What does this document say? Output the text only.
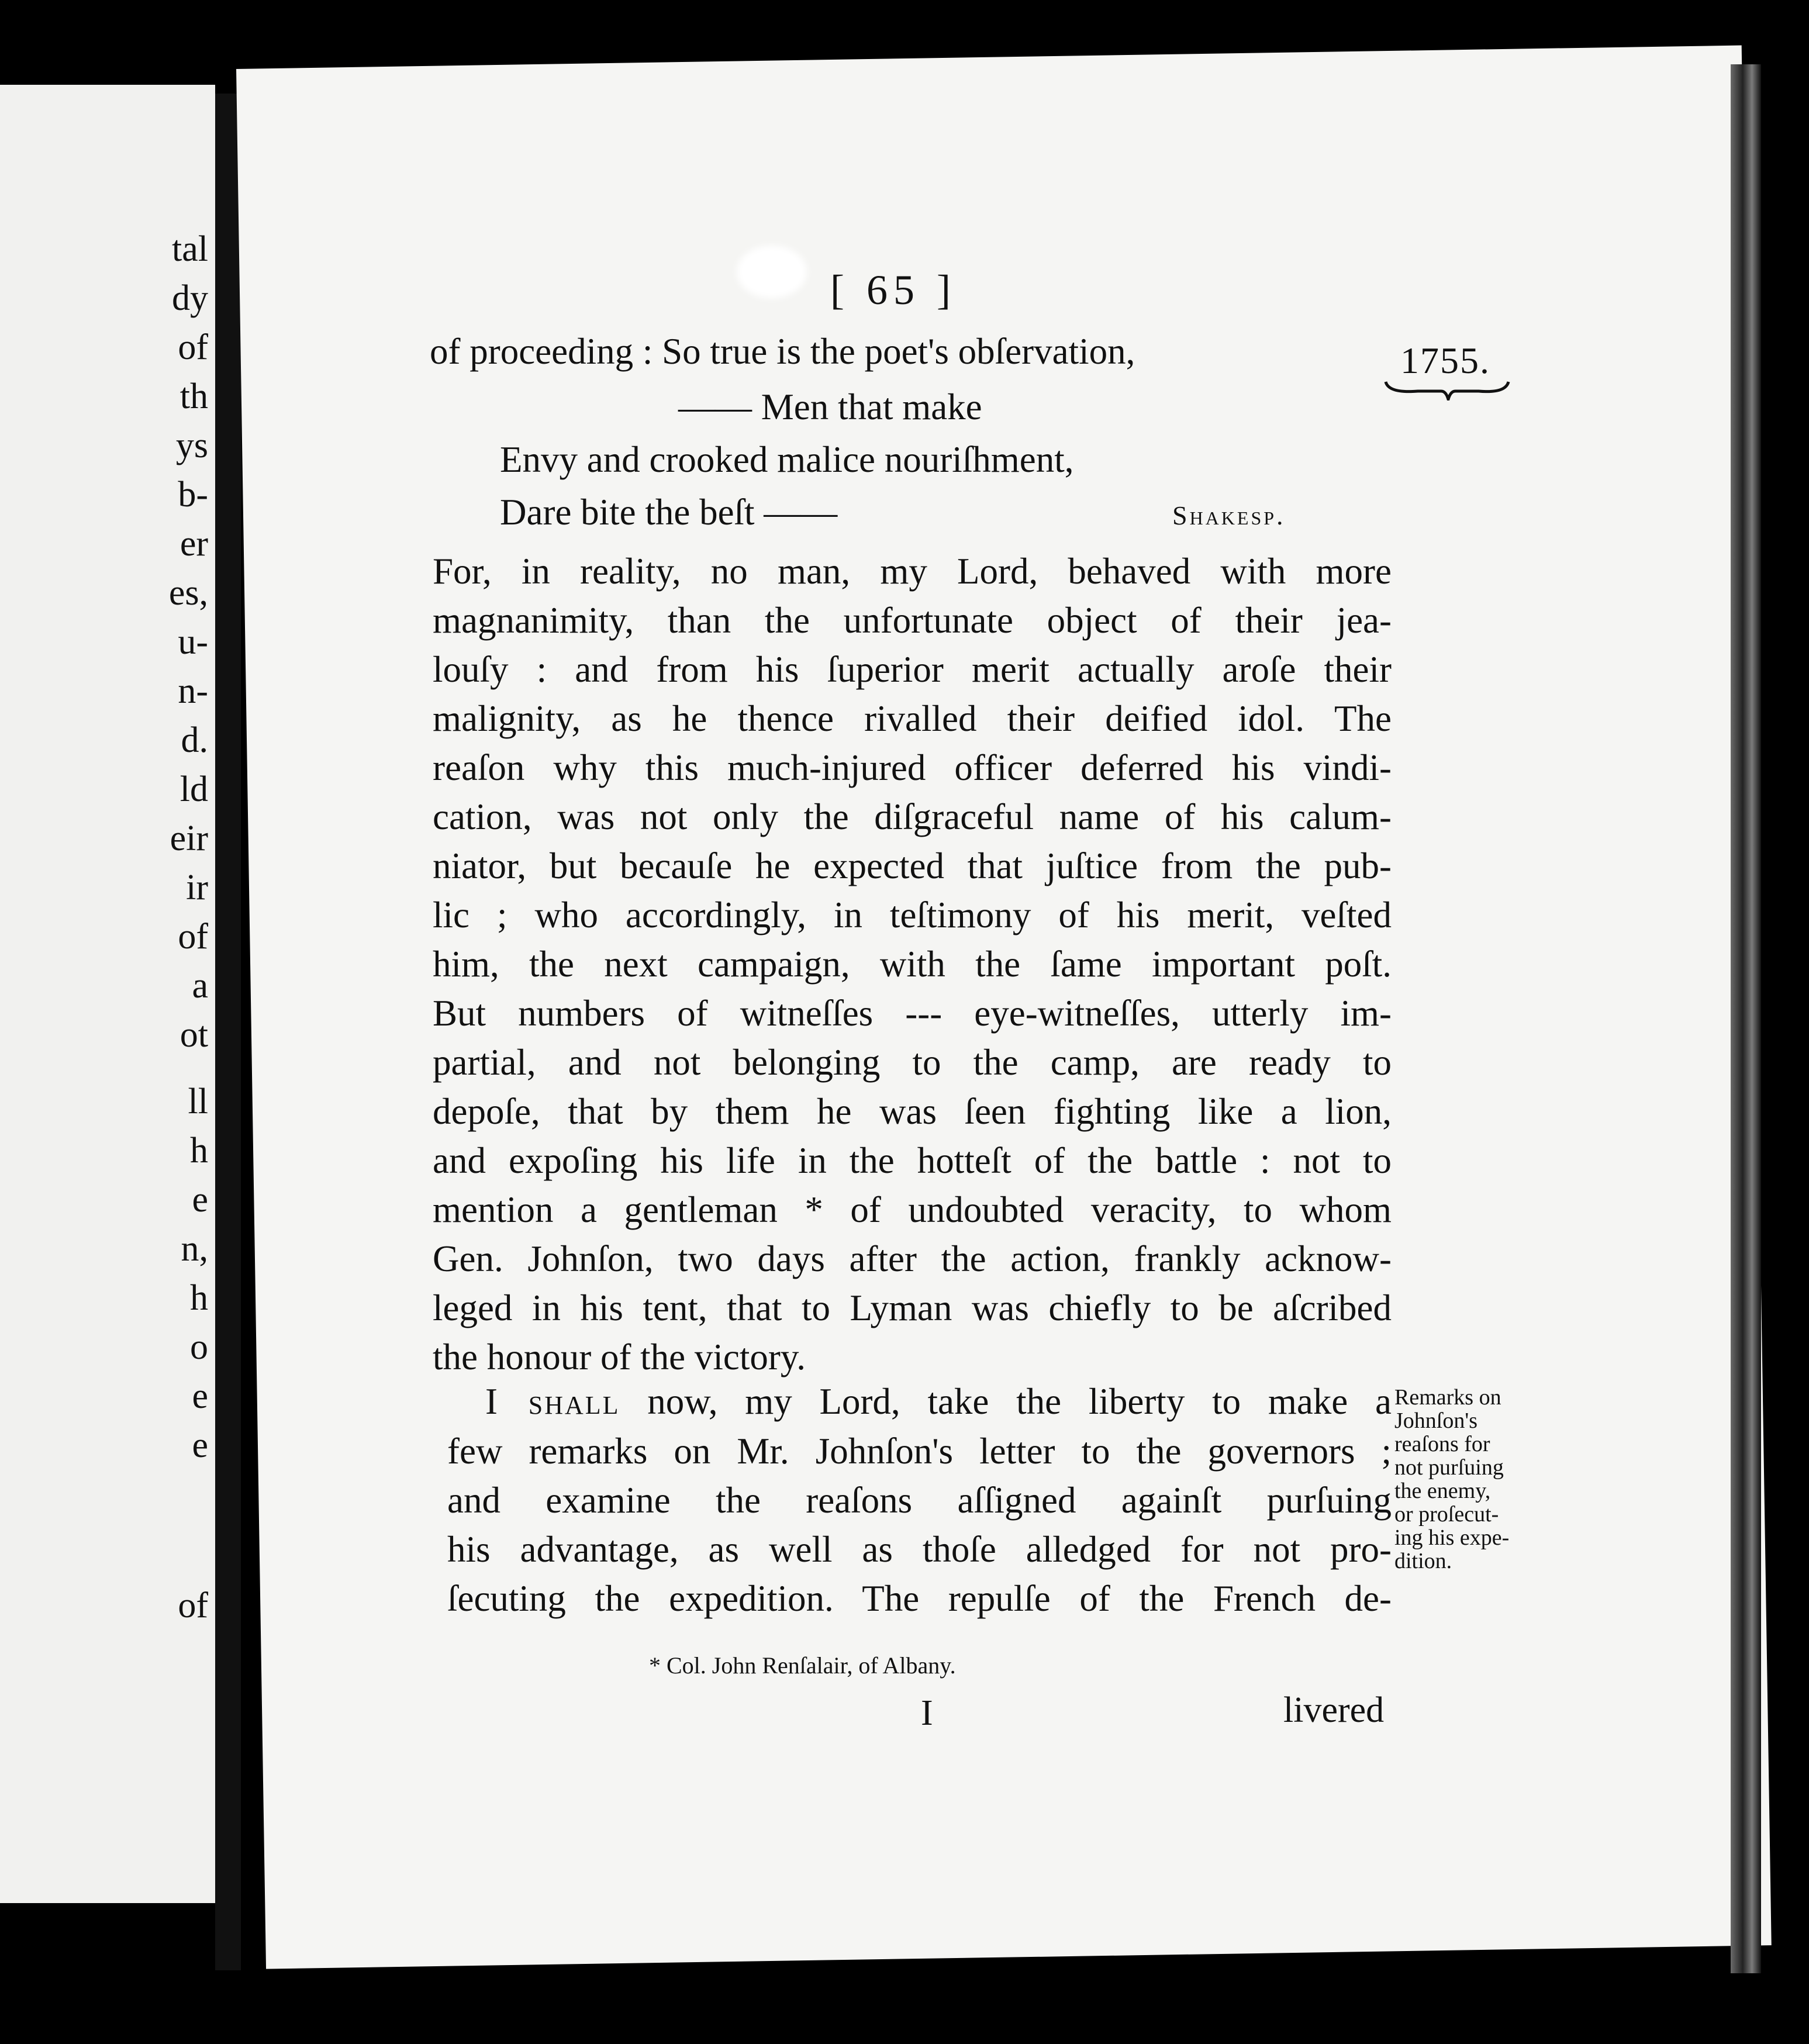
tal
dy
of
th
ys
b-
er
es,
u-
n-
d.
ld
eir
ir
of
a
ot
ll
h
e
n,
h
o
e
e
of
[ 65 ]
1755.
of proceeding : So true is the poet's obſervation,
—— Men that make
Envy and crooked malice nouriſhment,
Dare bite the beſt ——	Shakesp.
For, in reality, no man, my Lord, behaved with more
magnanimity, than the unfortunate object of their jea-
louſy : and from his ſuperior merit actually aroſe their
malignity, as he thence rivalled their deified idol. The
reaſon why this much-injured officer deferred his vindi-
cation, was not only the diſgraceful name of his calum-
niator, but becauſe he expected that juſtice from the pub-
lic ; who accordingly, in teſtimony of his merit, veſted
him, the next campaign, with the ſame important poſt.
But numbers of witneſſes --- eye-witneſſes, utterly im-
partial, and not belonging to the camp, are ready to
depoſe, that by them he was ſeen fighting like a lion,
and expoſing his life in the hotteſt of the battle : not to
mention a gentleman * of undoubted veracity, to whom
Gen. Johnſon, two days after the action, frankly acknow-
leged in his tent, that to Lyman was chiefly to be aſcribed
the honour of the victory.
I shall now, my Lord, take the liberty to make a
few remarks on Mr. Johnſon's letter to the governors ;
and examine the reaſons aſſigned againſt purſuing
his advantage, as well as thoſe alledged for not pro-
ſecuting the expedition. The repulſe of the French de-
Remarks on
Johnſon's
reaſons for
not purſuing
the enemy,
or proſecut-
ing his expe-
dition.
* Col. John Renſalair, of Albany.
I	livered
